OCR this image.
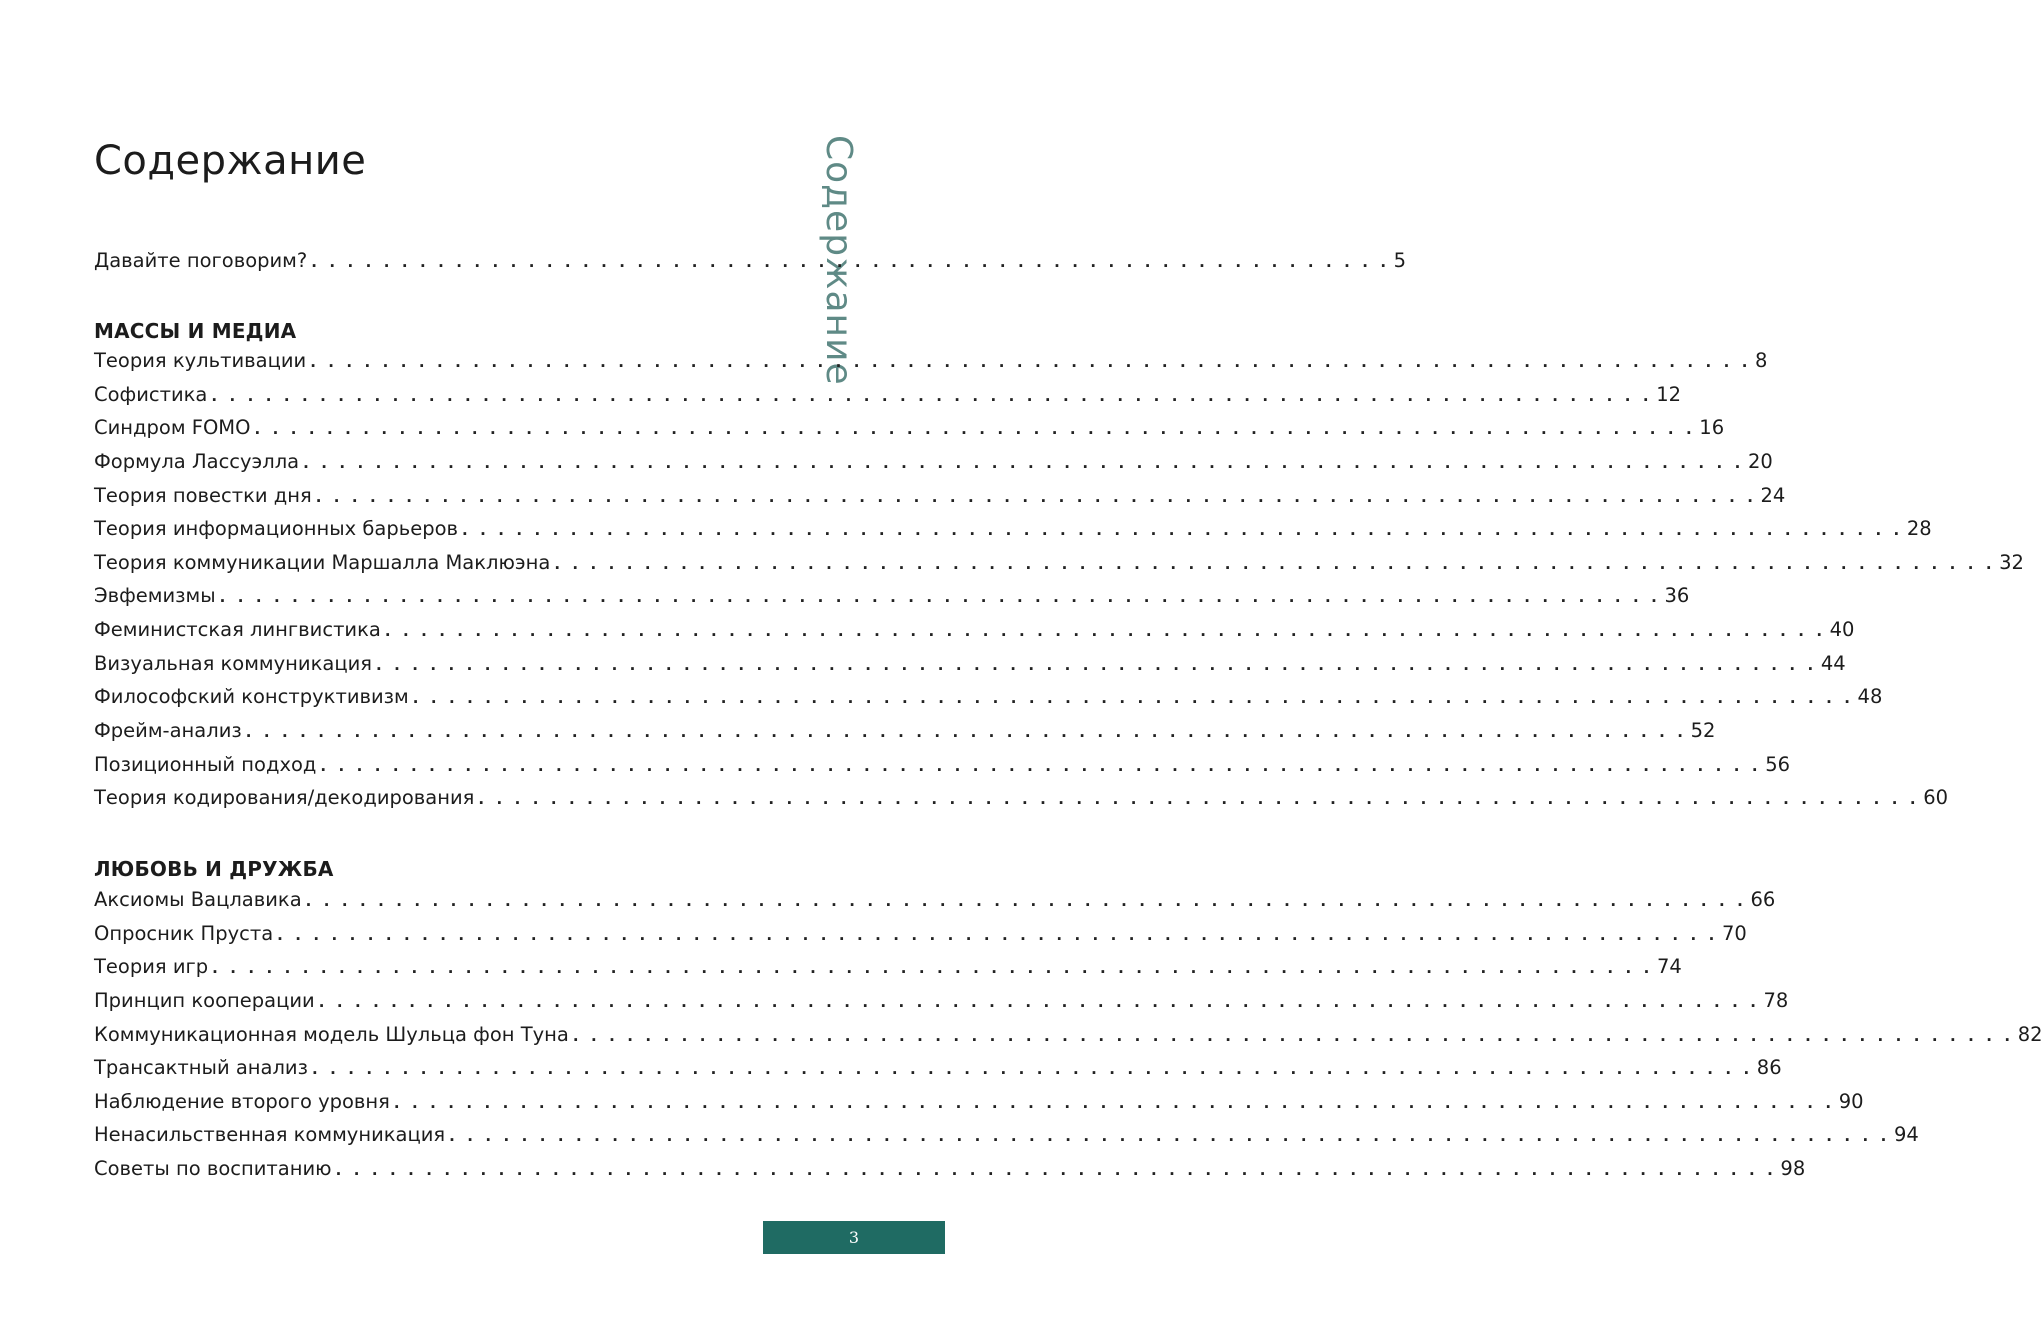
Содержание	Содержание
Давайте поговорим? . . . . . . . . . . . . . . . . . . . . . . . . . . . . . . . . . . . . . . . . . . . . . . . . . . . . . . . . . . . . 5
МАССЫ И МЕДИА
Теория культивации . . . . . . . . . . . . . . . . . . . . . . . . . . . . . . . . . . . . . . . . . . . . . . . . . . . . . . . . . . . . . . . . . . . . . . . . . . . . . . . . 8
Софистика . . . . . . . . . . . . . . . . . . . . . . . . . . . . . . . . . . . . . . . . . . . . . . . . . . . . . . . . . . . . . . . . . . . . . . . . . . . . . . . . 12
Синдром FOMO . . . . . . . . . . . . . . . . . . . . . . . . . . . . . . . . . . . . . . . . . . . . . . . . . . . . . . . . . . . . . . . . . . . . . . . . . . . . . . . . 16
Формула Лассуэлла . . . . . . . . . . . . . . . . . . . . . . . . . . . . . . . . . . . . . . . . . . . . . . . . . . . . . . . . . . . . . . . . . . . . . . . . . . . . . . . . 20
Теория повестки дня . . . . . . . . . . . . . . . . . . . . . . . . . . . . . . . . . . . . . . . . . . . . . . . . . . . . . . . . . . . . . . . . . . . . . . . . . . . . . . . . 24
Теория информационных барьеров . . . . . . . . . . . . . . . . . . . . . . . . . . . . . . . . . . . . . . . . . . . . . . . . . . . . . . . . . . . . . . . . . . . . . . . . . . . . . . . . 28
Теория коммуникации Маршалла Маклюэна . . . . . . . . . . . . . . . . . . . . . . . . . . . . . . . . . . . . . . . . . . . . . . . . . . . . . . . . . . . . . . . . . . . . . . . . . . . . . . . . 32
Эвфемизмы . . . . . . . . . . . . . . . . . . . . . . . . . . . . . . . . . . . . . . . . . . . . . . . . . . . . . . . . . . . . . . . . . . . . . . . . . . . . . . . . 36
Феминистская лингвистика . . . . . . . . . . . . . . . . . . . . . . . . . . . . . . . . . . . . . . . . . . . . . . . . . . . . . . . . . . . . . . . . . . . . . . . . . . . . . . . . 40
Визуальная коммуникация . . . . . . . . . . . . . . . . . . . . . . . . . . . . . . . . . . . . . . . . . . . . . . . . . . . . . . . . . . . . . . . . . . . . . . . . . . . . . . . . 44
Философский конструктивизм . . . . . . . . . . . . . . . . . . . . . . . . . . . . . . . . . . . . . . . . . . . . . . . . . . . . . . . . . . . . . . . . . . . . . . . . . . . . . . . . 48
Фрейм-анализ . . . . . . . . . . . . . . . . . . . . . . . . . . . . . . . . . . . . . . . . . . . . . . . . . . . . . . . . . . . . . . . . . . . . . . . . . . . . . . . . 52
Позиционный подход . . . . . . . . . . . . . . . . . . . . . . . . . . . . . . . . . . . . . . . . . . . . . . . . . . . . . . . . . . . . . . . . . . . . . . . . . . . . . . . . 56
Теория кодирования/декодирования . . . . . . . . . . . . . . . . . . . . . . . . . . . . . . . . . . . . . . . . . . . . . . . . . . . . . . . . . . . . . . . . . . . . . . . . . . . . . . . . 60
ЛЮБОВЬ И ДРУЖБА
Аксиомы Вацлавика . . . . . . . . . . . . . . . . . . . . . . . . . . . . . . . . . . . . . . . . . . . . . . . . . . . . . . . . . . . . . . . . . . . . . . . . . . . . . . . . 66
Опросник Пруста . . . . . . . . . . . . . . . . . . . . . . . . . . . . . . . . . . . . . . . . . . . . . . . . . . . . . . . . . . . . . . . . . . . . . . . . . . . . . . . . 70
Теория игр . . . . . . . . . . . . . . . . . . . . . . . . . . . . . . . . . . . . . . . . . . . . . . . . . . . . . . . . . . . . . . . . . . . . . . . . . . . . . . . . 74
Принцип кооперации . . . . . . . . . . . . . . . . . . . . . . . . . . . . . . . . . . . . . . . . . . . . . . . . . . . . . . . . . . . . . . . . . . . . . . . . . . . . . . . . 78
Коммуникационная модель Шульца фон Туна . . . . . . . . . . . . . . . . . . . . . . . . . . . . . . . . . . . . . . . . . . . . . . . . . . . . . . . . . . . . . . . . . . . . . . . . . . . . . . . . 82
Трансактный анализ . . . . . . . . . . . . . . . . . . . . . . . . . . . . . . . . . . . . . . . . . . . . . . . . . . . . . . . . . . . . . . . . . . . . . . . . . . . . . . . . 86
Наблюдение второго уровня . . . . . . . . . . . . . . . . . . . . . . . . . . . . . . . . . . . . . . . . . . . . . . . . . . . . . . . . . . . . . . . . . . . . . . . . . . . . . . . . 90
Ненасильственная коммуникация . . . . . . . . . . . . . . . . . . . . . . . . . . . . . . . . . . . . . . . . . . . . . . . . . . . . . . . . . . . . . . . . . . . . . . . . . . . . . . . . 94
Советы по воспитанию . . . . . . . . . . . . . . . . . . . . . . . . . . . . . . . . . . . . . . . . . . . . . . . . . . . . . . . . . . . . . . . . . . . . . . . . . . . . . . . . 98
3
